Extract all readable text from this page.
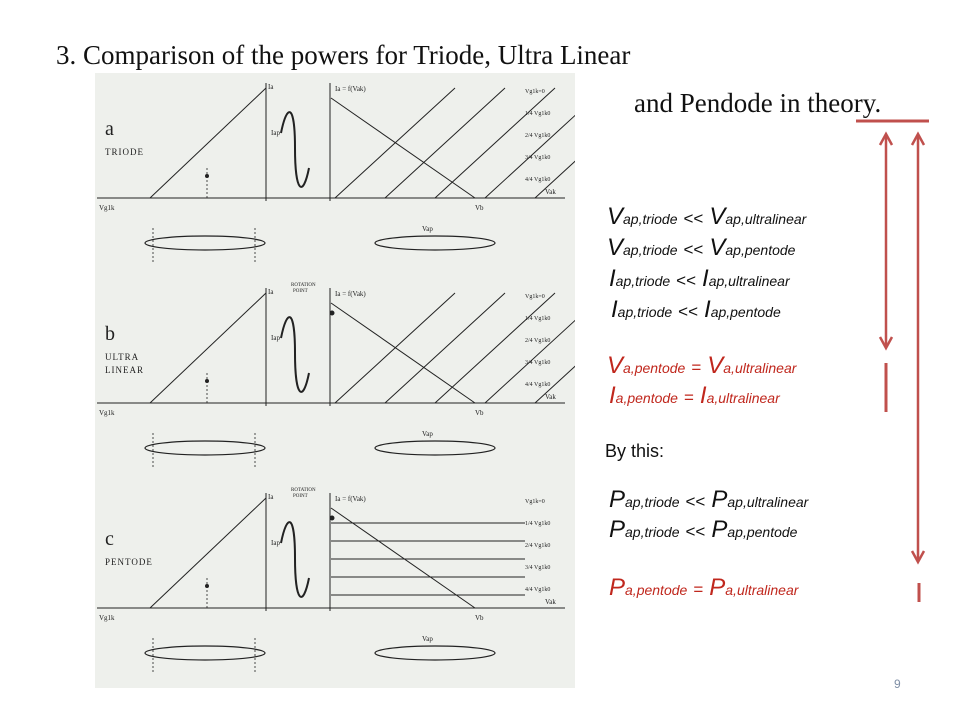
3. Comparison of the powers for Triode, Ultra Linear
and Pendode in theory.
a
TRIODE
Ia = f(Vak)
Vak
Vg1k	Vb
Vap
Iap
Ia
Vg1k=0
1/4 Vg1k0
2/4 Vg1k0
3/4 Vg1k0
4/4 Vg1k0
b
ULTRA
LINEAR
Ia = f(Vak)
Vak
Vg1k	Vb
Vap
Iap
Ia
Vg1k=0
1/4 Vg1k0
2/4 Vg1k0
3/4 Vg1k0
4/4 Vg1k0
ROTATION
POINT
c
PENTODE
Ia = f(Vak)
Vak
Vg1k	Vb
Vap
Iap
Ia
Vg1k=0
1/4 Vg1k0
2/4 Vg1k0
3/4 Vg1k0
4/4 Vg1k0
ROTATION
POINT
Vap,triode << Vap,ultralinear
Vap,triode << Vap,pentode
Iap,triode << Iap,ultralinear
Iap,triode << Iap,pentode
Va,pentode = Va,ultralinear
Ia,pentode = Ia,ultralinear
Pap,triode << Pap,ultralinear
Pap,triode << Pap,pentode
Pa,pentode = Pa,ultralinear
By this:
9
